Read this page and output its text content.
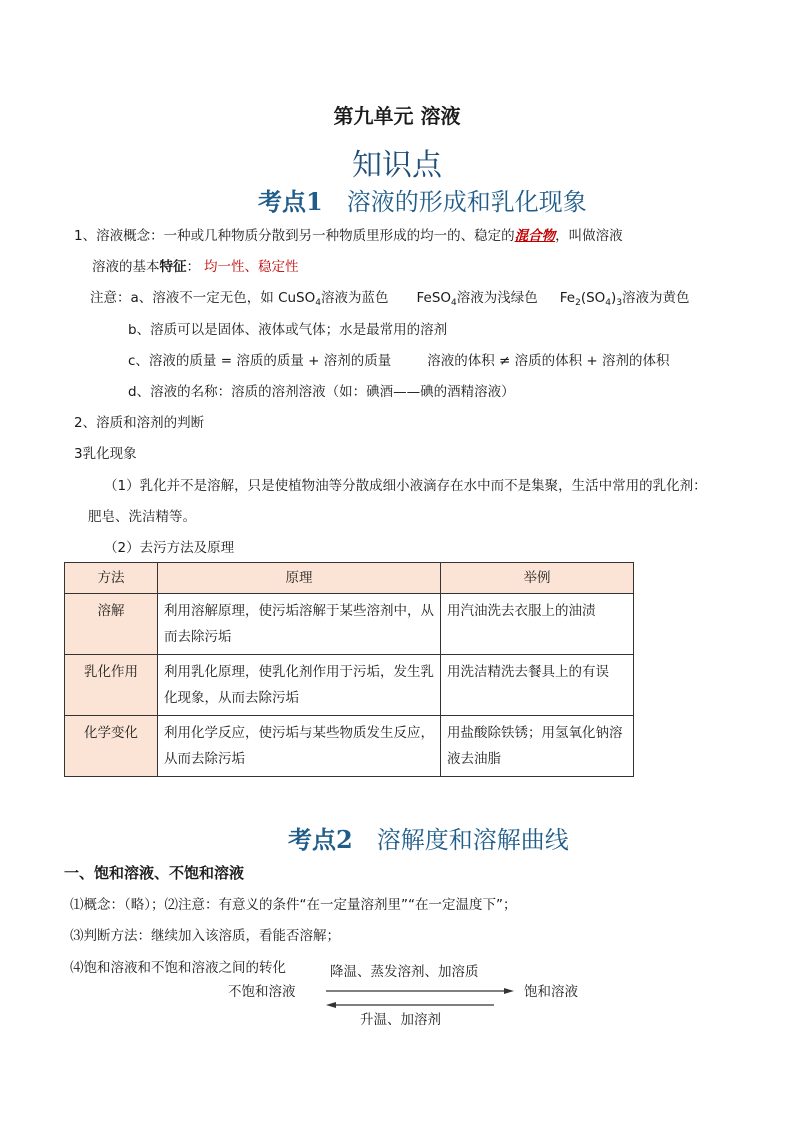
第九单元 溶液
知识点
考点1 溶液的形成和乳化现象
1、溶液概念：一种或几种物质分散到另一种物质里形成的均一的、稳定的混合物，叫做溶液
溶液的基本特征： 均一性、稳定性
注意：a、溶液不一定无色，如 CuSO$_4$溶液为蓝色 FeSO$_4$溶液为浅绿色 $Fe_2(SO_4)_3$溶液为黄色
b、溶质可以是固体、液体或气体；水是最常用的溶剂
c、溶液的质量 = 溶质的质量 + 溶剂的质量	溶液的体积 ≠ 溶质的体积 + 溶剂的体积
d、溶液的名称：溶质的溶剂溶液（如：碘酒——碘的酒精溶液）
2、溶质和溶剂的判断
3乳化现象
（1）乳化并不是溶解，只是使植物油等分散成细小液滴存在水中而不是集聚，生活中常用的乳化剂：
肥皂、洗洁精等。
（2）去污方法及原理
方法	原理	举例
溶解	利用溶解原理，使污垢溶解于某些溶剂中，从而去除污垢	用汽油洗去衣服上的油渍
乳化作用	利用乳化原理，使乳化剂作用于污垢，发生乳化现象，从而去除污垢	用洗洁精洗去餐具上的有误
化学变化	利用化学反应，使污垢与某些物质发生反应，从而去除污垢	用盐酸除铁锈；用氢氧化钠溶液去油脂
考点2 溶解度和溶解曲线
一、饱和溶液、不饱和溶液
⑴概念：（略）；⑵注意：有意义的条件“在一定量溶剂里”“在一定温度下”；
⑶判断方法：继续加入该溶质，看能否溶解；
⑷饱和溶液和不饱和溶液之间的转化	降温、蒸发溶剂、加溶质
不饱和溶液	饱和溶液
升温、加溶剂
